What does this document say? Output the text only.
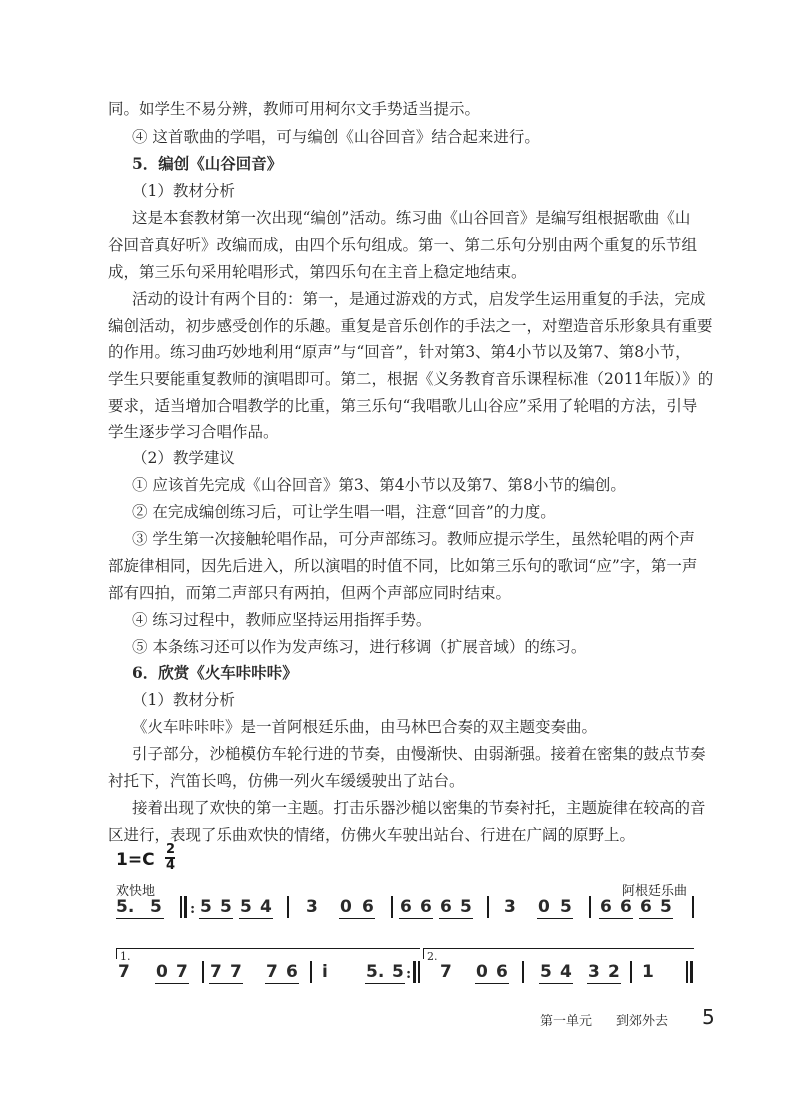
同。如学生不易分辨，教师可用柯尔文手势适当提示。
④ 这首歌曲的学唱，可与编创《山谷回音》结合起来进行。
5．编创《山谷回音》
（1）教材分析
这是本套教材第一次出现“编创”活动。练习曲《山谷回音》是编写组根据歌曲《山
谷回音真好听》改编而成，由四个乐句组成。第一、第二乐句分别由两个重复的乐节组
成，第三乐句采用轮唱形式，第四乐句在主音上稳定地结束。
活动的设计有两个目的：第一，是通过游戏的方式，启发学生运用重复的手法，完成
编创活动，初步感受创作的乐趣。重复是音乐创作的手法之一，对塑造音乐形象具有重要
的作用。练习曲巧妙地利用“原声”与“回音”，针对第3、第4小节以及第7、第8小节，
学生只要能重复教师的演唱即可。第二，根据《义务教育音乐课程标准（2011年版）》的
要求，适当增加合唱教学的比重，第三乐句“我唱歌儿山谷应”采用了轮唱的方法，引导
学生逐步学习合唱作品。
（2）教学建议
① 应该首先完成《山谷回音》第3、第4小节以及第7、第8小节的编创。
② 在完成编创练习后，可让学生唱一唱，注意“回音”的力度。
③ 学生第一次接触轮唱作品，可分声部练习。教师应提示学生，虽然轮唱的两个声
部旋律相同，因先后进入，所以演唱的时值不同，比如第三乐句的歌词“应”字，第一声
部有四拍，而第二声部只有两拍，但两个声部应同时结束。
④ 练习过程中，教师应坚持运用指挥手势。
⑤ 本条练习还可以作为发声练习，进行移调（扩展音域）的练习。
6．欣赏《火车咔咔咔》
（1）教材分析
《火车咔咔咔》是一首阿根廷乐曲，由马林巴合奏的双主题变奏曲。
引子部分，沙槌模仿车轮行进的节奏，由慢渐快、由弱渐强。接着在密集的鼓点节奏
衬托下，汽笛长鸣，仿佛一列火车缓缓驶出了站台。
接着出现了欢快的第一主题。打击乐器沙槌以密集的节奏衬托，主题旋律在较高的音
区进行，表现了乐曲欢快的情绪，仿佛火车驶出站台、行进在广阔的原野上。
1=C
2
4
欢快地	阿根廷乐曲
5. 5 : 5 5 5 4 3 0 6 6 6 6 5 3 0 5 6 6 6 5
1.	2.
7 0 7 7 7 7 6 i 5. 5 : 7 0 6 5 4 3 2 1
第一单元 到郊外去 5
